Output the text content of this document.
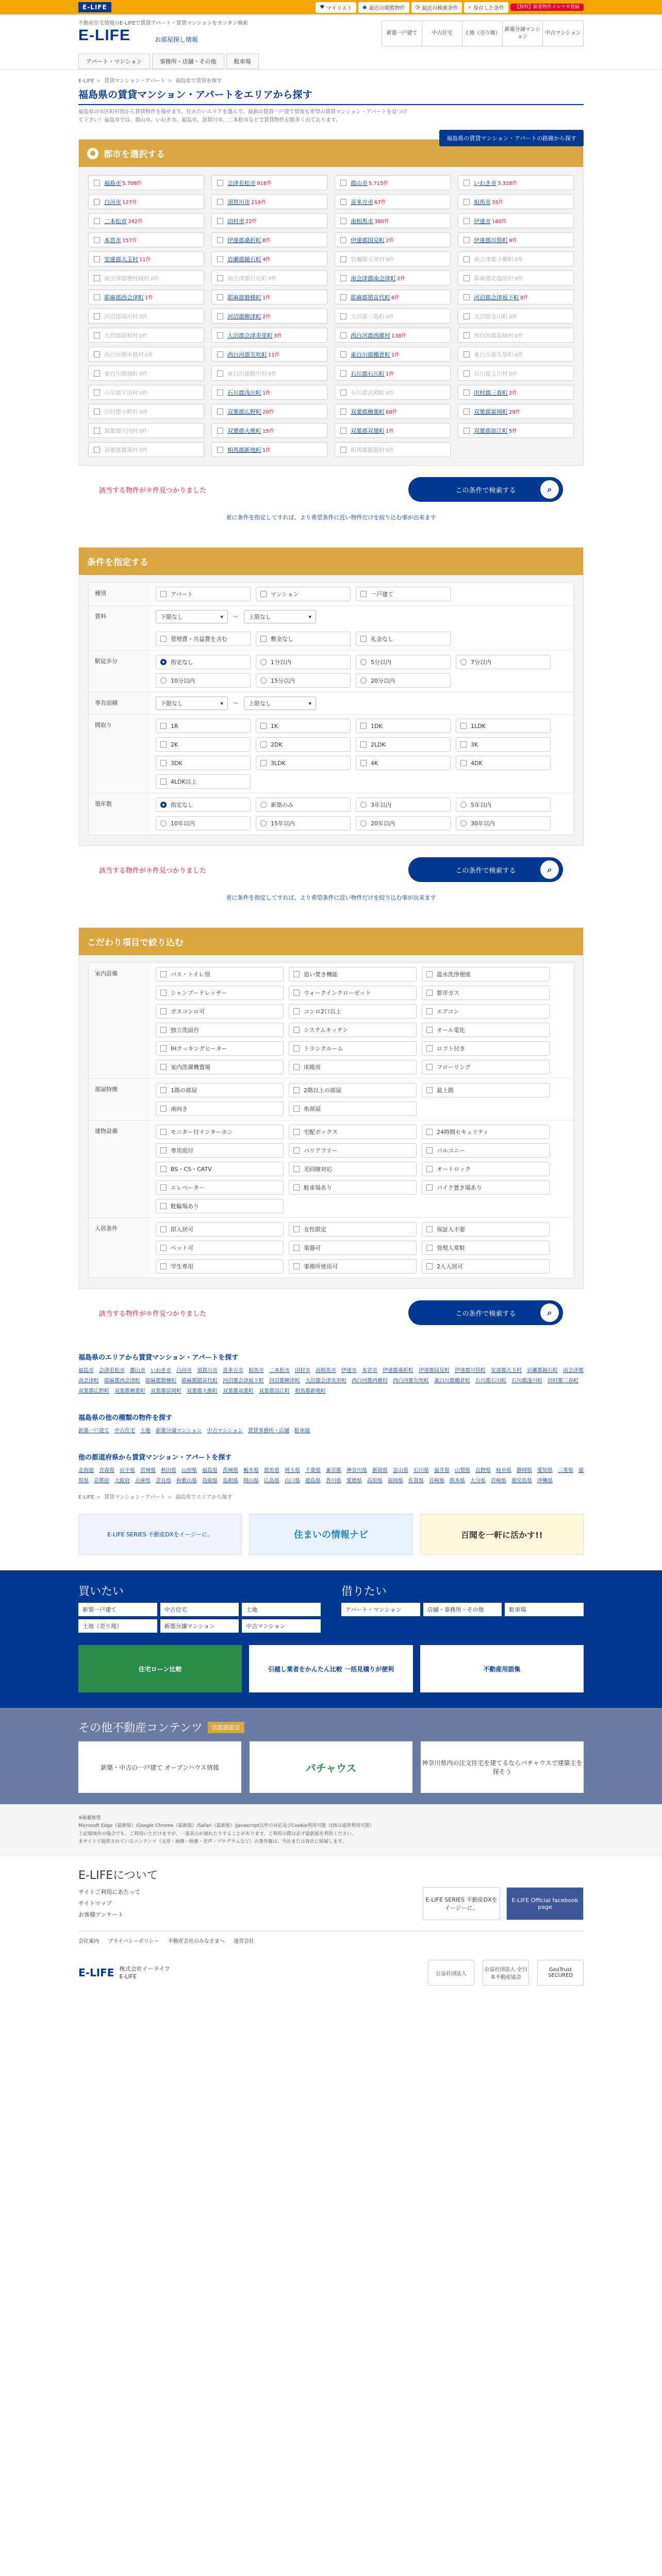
E-LIFE	♥ マイリスト ◉ 最近の閲覧物件 ◷ 最近の検索条件 ⌕ 保存した条件	【無料】新着物件メルマガ登録
不動産住宅情報のE-LIFEで賃貸アパート・賃貸マンションをカンタン検索
E-LIFE	お部屋探し情報
新築一戸建て	中古住宅	土地（売り地）
新築分譲マンション
中古マンション
アパート・マンション	事務所・店舗・その他	駐車場
E-LIFE > 賃貸マンション・アパート > 福島県で賃貸を探す
福島県の賃貸マンション・アパートをエリアから探す

福島県の市区町村別から賃貸物件を探せます。住みたいエリアを選んで、最新の賃貸一戸建て情報も希望の賃貸マンション・アパートを見つけて下さい！福島市では、郡山市、いわき市、福島市、須賀川市、二本松市などで賃貸物件が数多く出ております。

福島県の賃貸マンション・アパートの路線から探す
● 都市を選択する
福島市 5,708件	会津若松市 918件	郡山市 5,715件	いわき市 3,328件
白河市 127件	須賀川市 219件	喜多方市 67件	相馬市 35件
二本松市 342件	田村市 22件	南相馬市 380件	伊達市 160件
本宮市 157件	伊達郡桑折町 8件	伊達郡国見町 2件	伊達郡川俣町 9件
安達郡大玉村 11件	岩瀬郡鏡石町 4件	岩瀬郡天栄村 0件	南会津郡下郷町 0件
南会津郡檜枝岐村 0件	南会津郡只見町 0件	南会津郡南会津町 2件	耶麻郡北塩原村 0件
耶麻郡西会津町 1件	耶麻郡磐梯町 1件	耶麻郡猪苗代町 6件	河沼郡会津坂下町 8件
河沼郡湯川村 0件	河沼郡柳津町 2件	大沼郡三島町 0件	大沼郡金山町 0件
大沼郡昭和村 0件	大沼郡会津美里町 3件	西白河郡西郷村 138件	西白河郡泉崎村 0件
西白河郡中島村 0件	西白河郡矢吹町 11件	東白川郡棚倉町 1件	東白川郡矢祭町 0件
東白川郡塙町 0件	東白川郡鮫川村 0件	石川郡石川町 1件	石川郡玉川村 0件
石川郡平田村 0件	石川郡浅川町 1件	石川郡古殿町 0件	田村郡三春町 2件
田村郡小野町 0件	双葉郡広野町 20件	双葉郡楢葉町 68件	双葉郡富岡町 29件
双葉郡川内村 0件	双葉郡大熊町 15件	双葉郡双葉町 1件	双葉郡浪江町 5件
双葉郡葛尾村 0件	相馬郡新地町 1件	相馬郡飯舘村 0件
該当する物件が＊件見つかりました	この条件で検索する	⌕
更に条件を指定してすれば、より希望条件に近い物件だけを絞り込む事が出来ます
条件を指定する
種別	アパート	マンション	一戸建て
賃料	下限なし	▾ 〜 上限なし	▾
管理費・共益費を含む	敷金なし	礼金なし
駅徒歩分	指定なし	1分以内	5分以内	7分以内
10分以内	15分以内	20分以内
専有面積	下限なし	▾ 〜 上限なし	▾
間取り	1R	1K	1DK	1LDK
2K	2DK	2LDK	3K
3DK	3LDK	4K	4DK
4LDK以上
築年数	指定なし	新築のみ	3年以内	5年以内
10年以内	15年以内	20年以内	30年以内
該当する物件が＊件見つかりました	この条件で検索する	⌕
更に条件を指定してすれば、より希望条件に近い物件だけを絞り込む事が出来ます
こだわり項目で絞り込む
室内設備	バス・トイレ別	追い焚き機能	温水洗浄便座
シャンプードレッサー	ウォークインクローゼット	都市ガス
ガスコンロ可	コンロ2口以上	エアコン
独立洗面台	システムキッチン	オール電化
IHクッキングヒーター	トランクルーム	ロフト付き
室内洗濯機置場	床暖房	フローリング
部屋特徴	1階の部屋	2階以上の部屋	最上階
南向き	角部屋
建物設備	モニター付インターホン	宅配ボックス	24時間セキュリティ
専用庭付	バリアフリー	バルコニー
BS・CS・CATV	光回線対応	オートロック
エレベーター	駐車場あり	バイク置き場あり
駐輪場あり
入居条件	即入居可	女性限定	保証人不要
ペット可	楽器可	管理人常駐
学生専用	事務所使用可	2人入居可
該当する物件が＊件見つかりました	この条件で検索する	⌕
福島県のエリアから賃貸マンション・アパートを探す
福島市 会津若松市 郡山市 いわき市 白河市 須賀川市 喜多方市 相馬市 二本松市 田村市 南相馬市 伊達市 本宮市 伊達郡桑折町 伊達郡国見町 伊達郡川俣町 安達郡大玉村 岩瀬郡鏡石町 南会津郡南会津町 耶麻郡西会津町 耶麻郡磐梯町 耶麻郡猪苗代町 河沼郡会津坂下町 河沼郡柳津町 大沼郡会津美里町 西白河郡西郷村 西白河郡矢吹町 東白川郡棚倉町 石川郡石川町 石川郡浅川町 田村郡三春町双葉郡広野町 双葉郡楢葉町 双葉郡富岡町 双葉郡大熊町 双葉郡双葉町 双葉郡浪江町 相馬郡新地町
福島県の他の種類の物件を探す
新築一戸建て 中古住宅 土地 新築分譲マンション 中古マンション 賃貸事務所・店舗 駐車場
他の都道府県から賃貸マンション・アパートを探す
北海道 青森県 岩手県 宮城県 秋田県 山形県 福島県 茨城県 栃木県 群馬県 埼玉県 千葉県 東京都 神奈川県 新潟県 富山県 石川県 福井県 山梨県 長野県 岐阜県 静岡県 愛知県 三重県 滋賀県 京都府 大阪府 兵庫県 奈良県 和歌山県 鳥取県 島根県 岡山県 広島県 山口県 徳島県 香川県 愛媛県 高知県 福岡県 佐賀県 長崎県 熊本県 大分県 宮崎県 鹿児島県 沖縄県
E-LIFE > 賃貸マンション・アパート > 福島県でエリアから探す
E-LIFE SERIES 不動産DXをイージーに。	住まいの情報ナビ	百聞を一軒に活かす!!
買いたい
新築一戸建て	中古住宅	土地
土地（売り地）	新築分譲マンション	中古マンション
借りたい
アパート・マンション	店舗・事務所・その他	駐車場
住宅ローン比較	引越し業者をかんたん比較 一括見積りが便利	不動産用語集
その他不動産コンテンツ	首都圏限定
新築・中古の一戸建て オープンハウス情報	パチャウス	神奈川県内の注文住宅を建てるならパチャウスで建築主を探そう
※掲載推奨
Microsoft Edge（最新版）/Google Chrome（最新版）/Safari（最新版）/Javascript以外の対応及びCookie利用可能（OSは通常利用可能）
上記環境外の場合でも、ご利用いただけますが、一部表示が崩れたりすることがあります。ご利用の際は必ず最新版を利用ください。
本サイトで提供されているコンテンツ（文章・画像・映像・音声・プログラムなど）の著作権は、当社または各社に帰属します。
E-LIFEについて
サイトご利用にあたって
サイトマップ
お客様アンケート
E-LIFE SERIES 不動産DXをイージーに。
E-LIFE Official facebook page
会社案内 プライバシーポリシー 不動産会社のみなさまへ 運営会社
E-LIFE 株式会社イーライフ
E-LIFE	公益社団法人
公益社団法人 全日本不動産協会
GeoTrust SECURED
